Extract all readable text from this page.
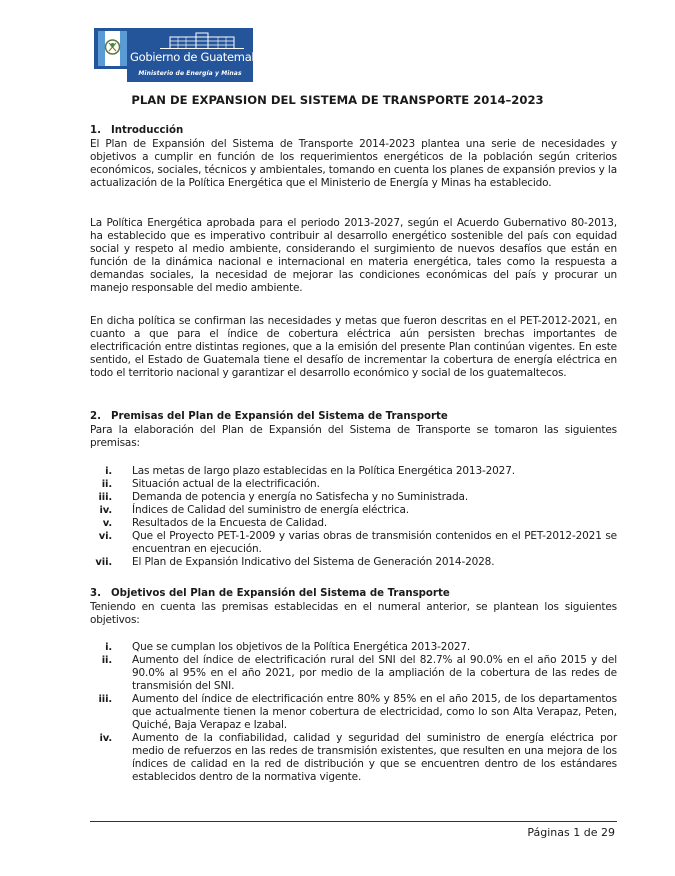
Gobierno de Guatemala
Ministerio de Energía y Minas
PLAN DE EXPANSION DEL SISTEMA DE TRANSPORTE 2014–2023
1. Introducción

El Plan de Expansión del Sistema de Transporte 2014-2023 plantea una serie de necesidades y objetivos a cumplir en función de los requerimientos energéticos de la población según criterios económicos, sociales, técnicos y ambientales, tomando en cuenta los planes de expansión previos y la actualización de la Política Energética que el Ministerio de Energía y Minas ha establecido.

La Política Energética aprobada para el periodo 2013-2027, según el Acuerdo Gubernativo 80-2013, ha establecido que es imperativo contribuir al desarrollo energético sostenible del país con equidad social y respeto al medio ambiente, considerando el surgimiento de nuevos desafíos que están en función de la dinámica nacional e internacional en materia energética, tales como la respuesta a demandas sociales, la necesidad de mejorar las condiciones económicas del país y procurar un manejo responsable del medio ambiente.

En dicha política se confirman las necesidades y metas que fueron descritas en el PET-2012-2021, en cuanto a que para el índice de cobertura eléctrica aún persisten brechas importantes de electrificación entre distintas regiones, que a la emisión del presente Plan continúan vigentes. En este sentido, el Estado de Guatemala tiene el desafío de incrementar la cobertura de energía eléctrica en todo el territorio nacional y garantizar el desarrollo económico y social de los guatemaltecos.

2. Premisas del Plan de Expansión del Sistema de Transporte

Para la elaboración del Plan de Expansión del Sistema de Transporte se tomaron las siguientes premisas:

i. Las metas de largo plazo establecidas en la Política Energética 2013-2027.
ii. Situación actual de la electrificación.
iii. Demanda de potencia y energía no Satisfecha y no Suministrada.
iv. Índices de Calidad del suministro de energía eléctrica.
v. Resultados de la Encuesta de Calidad.
vi. Que el Proyecto PET-1-2009 y varias obras de transmisión contenidos en el PET-2012-2021 se encuentran en ejecución.
vii. El Plan de Expansión Indicativo del Sistema de Generación 2014-2028.
3. Objetivos del Plan de Expansión del Sistema de Transporte

Teniendo en cuenta las premisas establecidas en el numeral anterior, se plantean los siguientes objetivos:

i. Que se cumplan los objetivos de la Política Energética 2013-2027.
ii. Aumento del índice de electrificación rural del SNI del 82.7% al 90.0% en el año 2015 y del 90.0% al 95% en el año 2021, por medio de la ampliación de la cobertura de las redes de transmisión del SNI.
iii. Aumento del índice de electrificación entre 80% y 85% en el año 2015, de los departamentos que actualmente tienen la menor cobertura de electricidad, como lo son Alta Verapaz, Peten, Quiché, Baja Verapaz e Izabal.
iv. Aumento de la confiabilidad, calidad y seguridad del suministro de energía eléctrica por medio de refuerzos en las redes de transmisión existentes, que resulten en una mejora de los índices de calidad en la red de distribución y que se encuentren dentro de los estándares establecidos dentro de la normativa vigente.
Páginas 1 de 29
